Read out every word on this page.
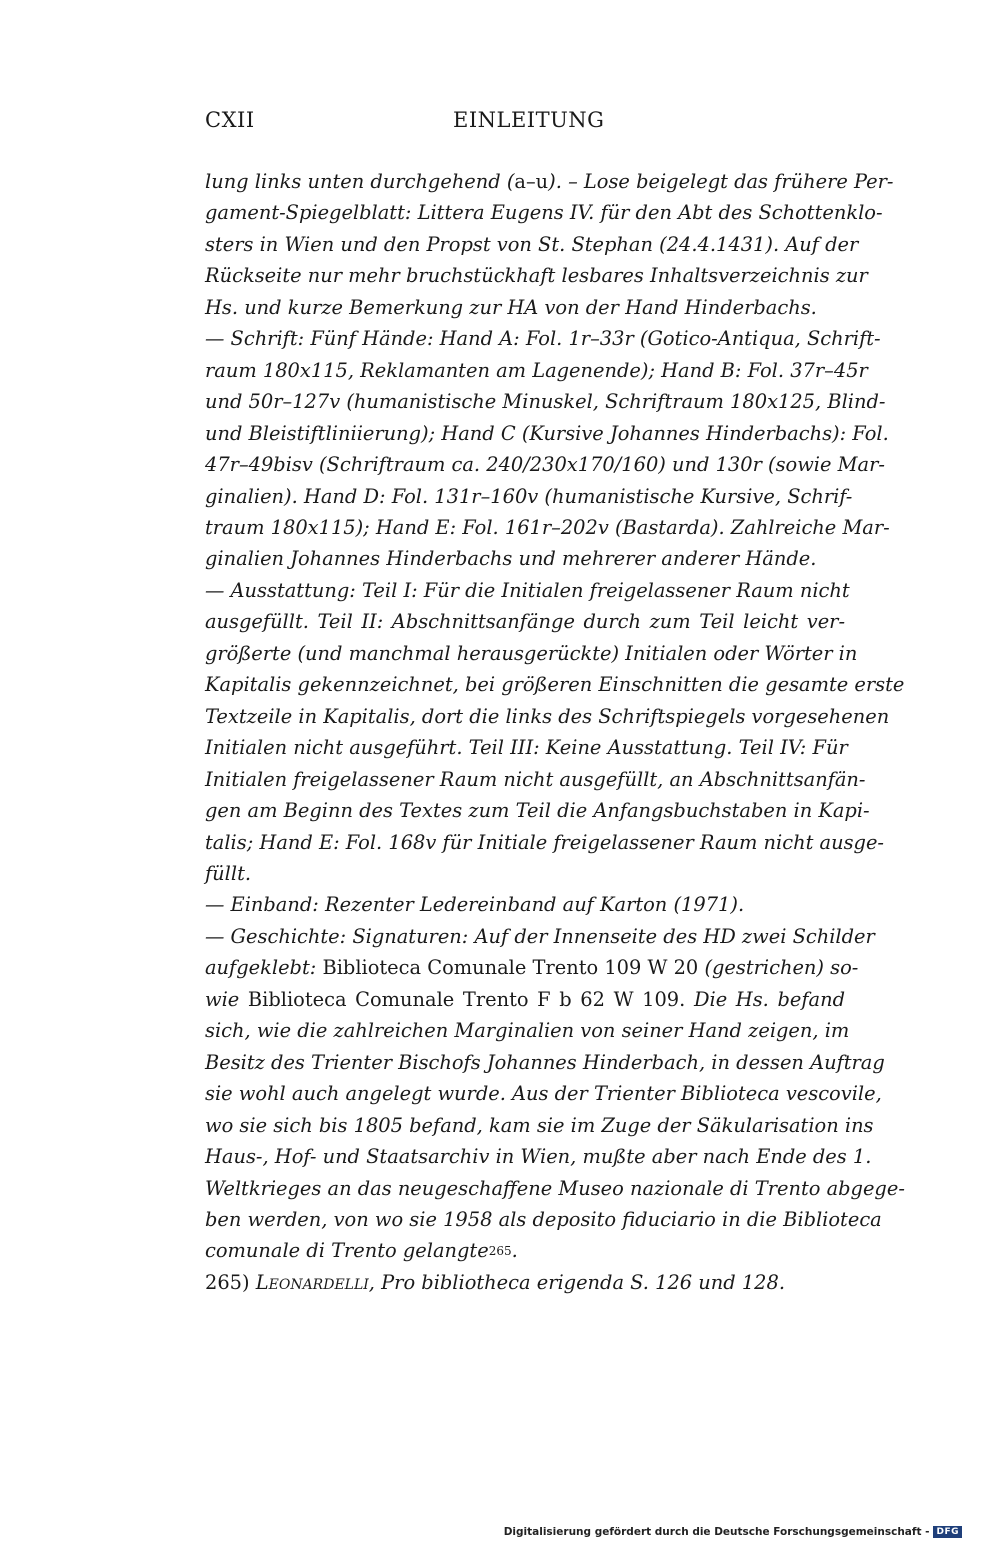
CXII	EINLEITUNG
lung links unten durchgehend (a–u). – Lose beigelegt das frühere Per-
gament-Spiegelblatt: Littera Eugens IV. für den Abt des Schottenklo-
sters in Wien und den Propst von St. Stephan (24.4.1431). Auf der
Rückseite nur mehr bruchstückhaft lesbares Inhaltsverzeichnis zur
Hs. und kurze Bemerkung zur HA von der Hand Hinderbachs.
— Schrift: Fünf Hände: Hand A: Fol. 1r–33r (Gotico-Antiqua, Schrift-
raum 180x115, Reklamanten am Lagenende); Hand B: Fol. 37r–45r
und 50r–127v (humanistische Minuskel, Schriftraum 180x125, Blind-
und Bleistiftliniierung); Hand C (Kursive Johannes Hinderbachs): Fol.
47r–49bisv (Schriftraum ca. 240/230x170/160) und 130r (sowie Mar-
ginalien). Hand D: Fol. 131r–160v (humanistische Kursive, Schrif-
traum 180x115); Hand E: Fol. 161r–202v (Bastarda). Zahlreiche Mar-
ginalien Johannes Hinderbachs und mehrerer anderer Hände.
— Ausstattung: Teil I: Für die Initialen freigelassener Raum nicht
ausgefüllt. Teil II: Abschnittsanfänge durch zum Teil leicht ver-
größerte (und manchmal herausgerückte) Initialen oder Wörter in
Kapitalis gekennzeichnet, bei größeren Einschnitten die gesamte erste
Textzeile in Kapitalis, dort die links des Schriftspiegels vorgesehenen
Initialen nicht ausgeführt. Teil III: Keine Ausstattung. Teil IV: Für
Initialen freigelassener Raum nicht ausgefüllt, an Abschnittsanfän-
gen am Beginn des Textes zum Teil die Anfangsbuchstaben in Kapi-
talis; Hand E: Fol. 168v für Initiale freigelassener Raum nicht ausge-
füllt.
— Einband: Rezenter Ledereinband auf Karton (1971).
— Geschichte: Signaturen: Auf der Innenseite des HD zwei Schilder
aufgeklebt: Biblioteca Comunale Trento 109 W 20 (gestrichen) so-
wie Biblioteca Comunale Trento F b 62 W 109. Die Hs. befand
sich, wie die zahlreichen Marginalien von seiner Hand zeigen, im
Besitz des Trienter Bischofs Johannes Hinderbach, in dessen Auftrag
sie wohl auch angelegt wurde. Aus der Trienter Biblioteca vescovile,
wo sie sich bis 1805 befand, kam sie im Zuge der Säkularisation ins
Haus-, Hof- und Staatsarchiv in Wien, mußte aber nach Ende des 1.
Weltkrieges an das neugeschaffene Museo nazionale di Trento abgege-
ben werden, von wo sie 1958 als deposito fiduciario in die Biblioteca
comunale di Trento gelangte$^{265}$.
265) Leonardelli, Pro bibliotheca erigenda S. 126 und 128.
Digitalisierung gefördert durch die Deutsche Forschungsgemeinschaft - DFG
